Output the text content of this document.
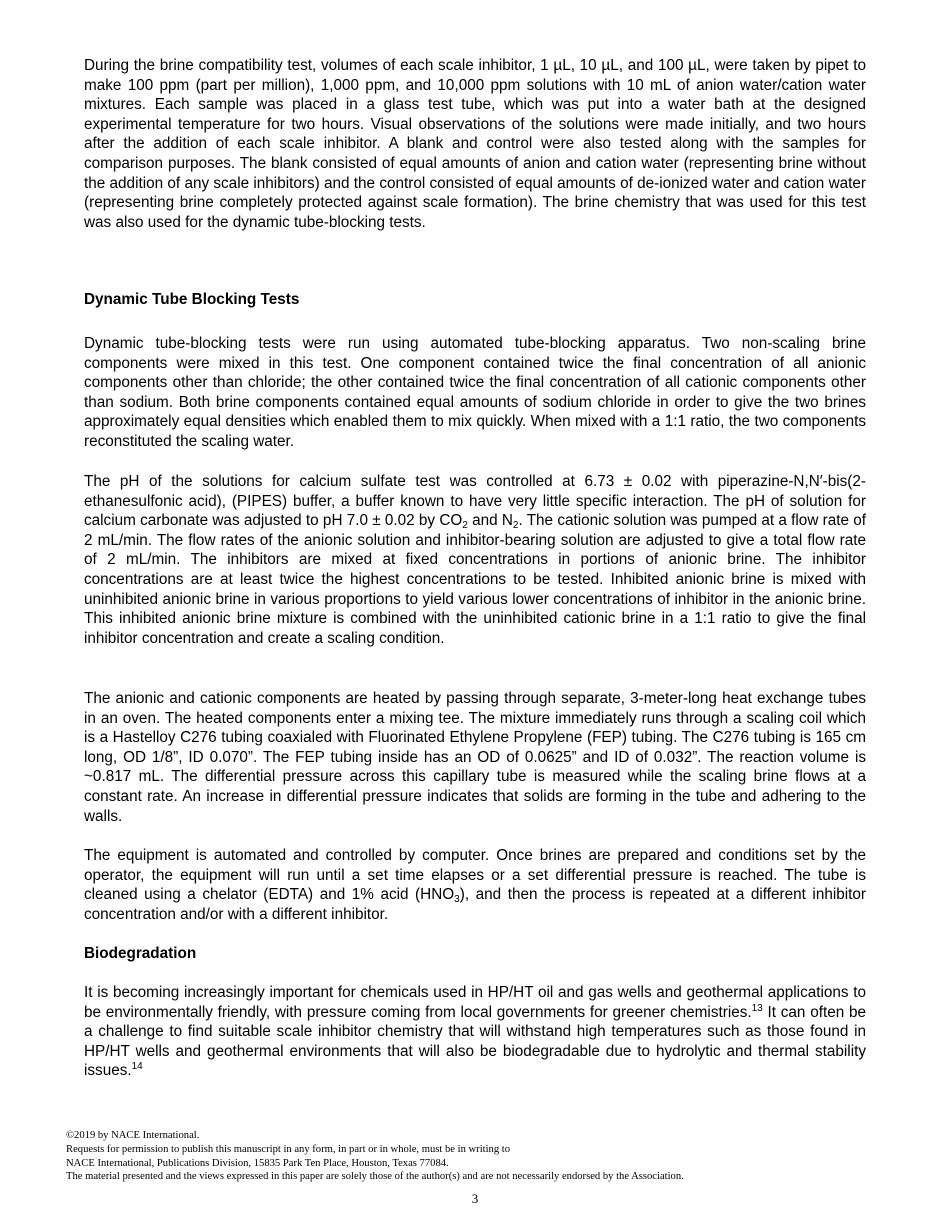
During the brine compatibility test, volumes of each scale inhibitor, 1 µL, 10 µL, and 100 µL, were taken by pipet to make 100 ppm (part per million), 1,000 ppm, and 10,000 ppm solutions with 10 mL of anion water/cation water mixtures. Each sample was placed in a glass test tube, which was put into a water bath at the designed experimental temperature for two hours. Visual observations of the solutions were made initially, and two hours after the addition of each scale inhibitor. A blank and control were also tested along with the samples for comparison purposes. The blank consisted of equal amounts of anion and cation water (representing brine without the addition of any scale inhibitors) and the control consisted of equal amounts of de-ionized water and cation water (representing brine completely protected against scale formation). The brine chemistry that was used for this test was also used for the dynamic tube-blocking tests.

Dynamic Tube Blocking Tests

Dynamic tube-blocking tests were run using automated tube-blocking apparatus. Two non-scaling brine components were mixed in this test. One component contained twice the final concentration of all anionic components other than chloride; the other contained twice the final concentration of all cationic components other than sodium. Both brine components contained equal amounts of sodium chloride in order to give the two brines approximately equal densities which enabled them to mix quickly. When mixed with a 1:1 ratio, the two components reconstituted the scaling water.

The pH of the solutions for calcium sulfate test was controlled at 6.73 ± 0.02 with piperazine-N,N′-bis(2-ethanesulfonic acid), (PIPES) buffer, a buffer known to have very little specific interaction. The pH of solution for calcium carbonate was adjusted to pH 7.0 ± 0.02 by $CO_2$ and $N_2$. The cationic solution was pumped at a flow rate of 2 mL/min. The flow rates of the anionic solution and inhibitor-bearing solution are adjusted to give a total flow rate of 2 mL/min. The inhibitors are mixed at fixed concentrations in portions of anionic brine. The inhibitor concentrations are at least twice the highest concentrations to be tested. Inhibited anionic brine is mixed with uninhibited anionic brine in various proportions to yield various lower concentrations of inhibitor in the anionic brine. This inhibited anionic brine mixture is combined with the uninhibited cationic brine in a 1:1 ratio to give the final inhibitor concentration and create a scaling condition.

The anionic and cationic components are heated by passing through separate, 3-meter-long heat exchange tubes in an oven. The heated components enter a mixing tee. The mixture immediately runs through a scaling coil which is a Hastelloy C276 tubing coaxialed with Fluorinated Ethylene Propylene (FEP) tubing. The C276 tubing is 165 cm long, OD 1/8”, ID 0.070”. The FEP tubing inside has an OD of 0.0625” and ID of 0.032”. The reaction volume is ~0.817 mL. The differential pressure across this capillary tube is measured while the scaling brine flows at a constant rate. An increase in differential pressure indicates that solids are forming in the tube and adhering to the walls.

The equipment is automated and controlled by computer. Once brines are prepared and conditions set by the operator, the equipment will run until a set time elapses or a set differential pressure is reached. The tube is cleaned using a chelator (EDTA) and 1% acid $(HNO_3)$, and then the process is repeated at a different inhibitor concentration and/or with a different inhibitor.

Biodegradation

It is becoming increasingly important for chemicals used in HP/HT oil and gas wells and geothermal applications to be environmentally friendly, with pressure coming from local governments for greener chemistries.$^{13}$ It can often be a challenge to find suitable scale inhibitor chemistry that will withstand high temperatures such as those found in HP/HT wells and geothermal environments that will also be biodegradable due to hydrolytic and thermal stability issues.$^{14}$

©2019 by NACE International.
Requests for permission to publish this manuscript in any form, in part or in whole, must be in writing to
NACE International, Publications Division, 15835 Park Ten Place, Houston, Texas 77084.
The material presented and the views expressed in this paper are solely those of the author(s) and are not necessarily endorsed by the Association.
3
